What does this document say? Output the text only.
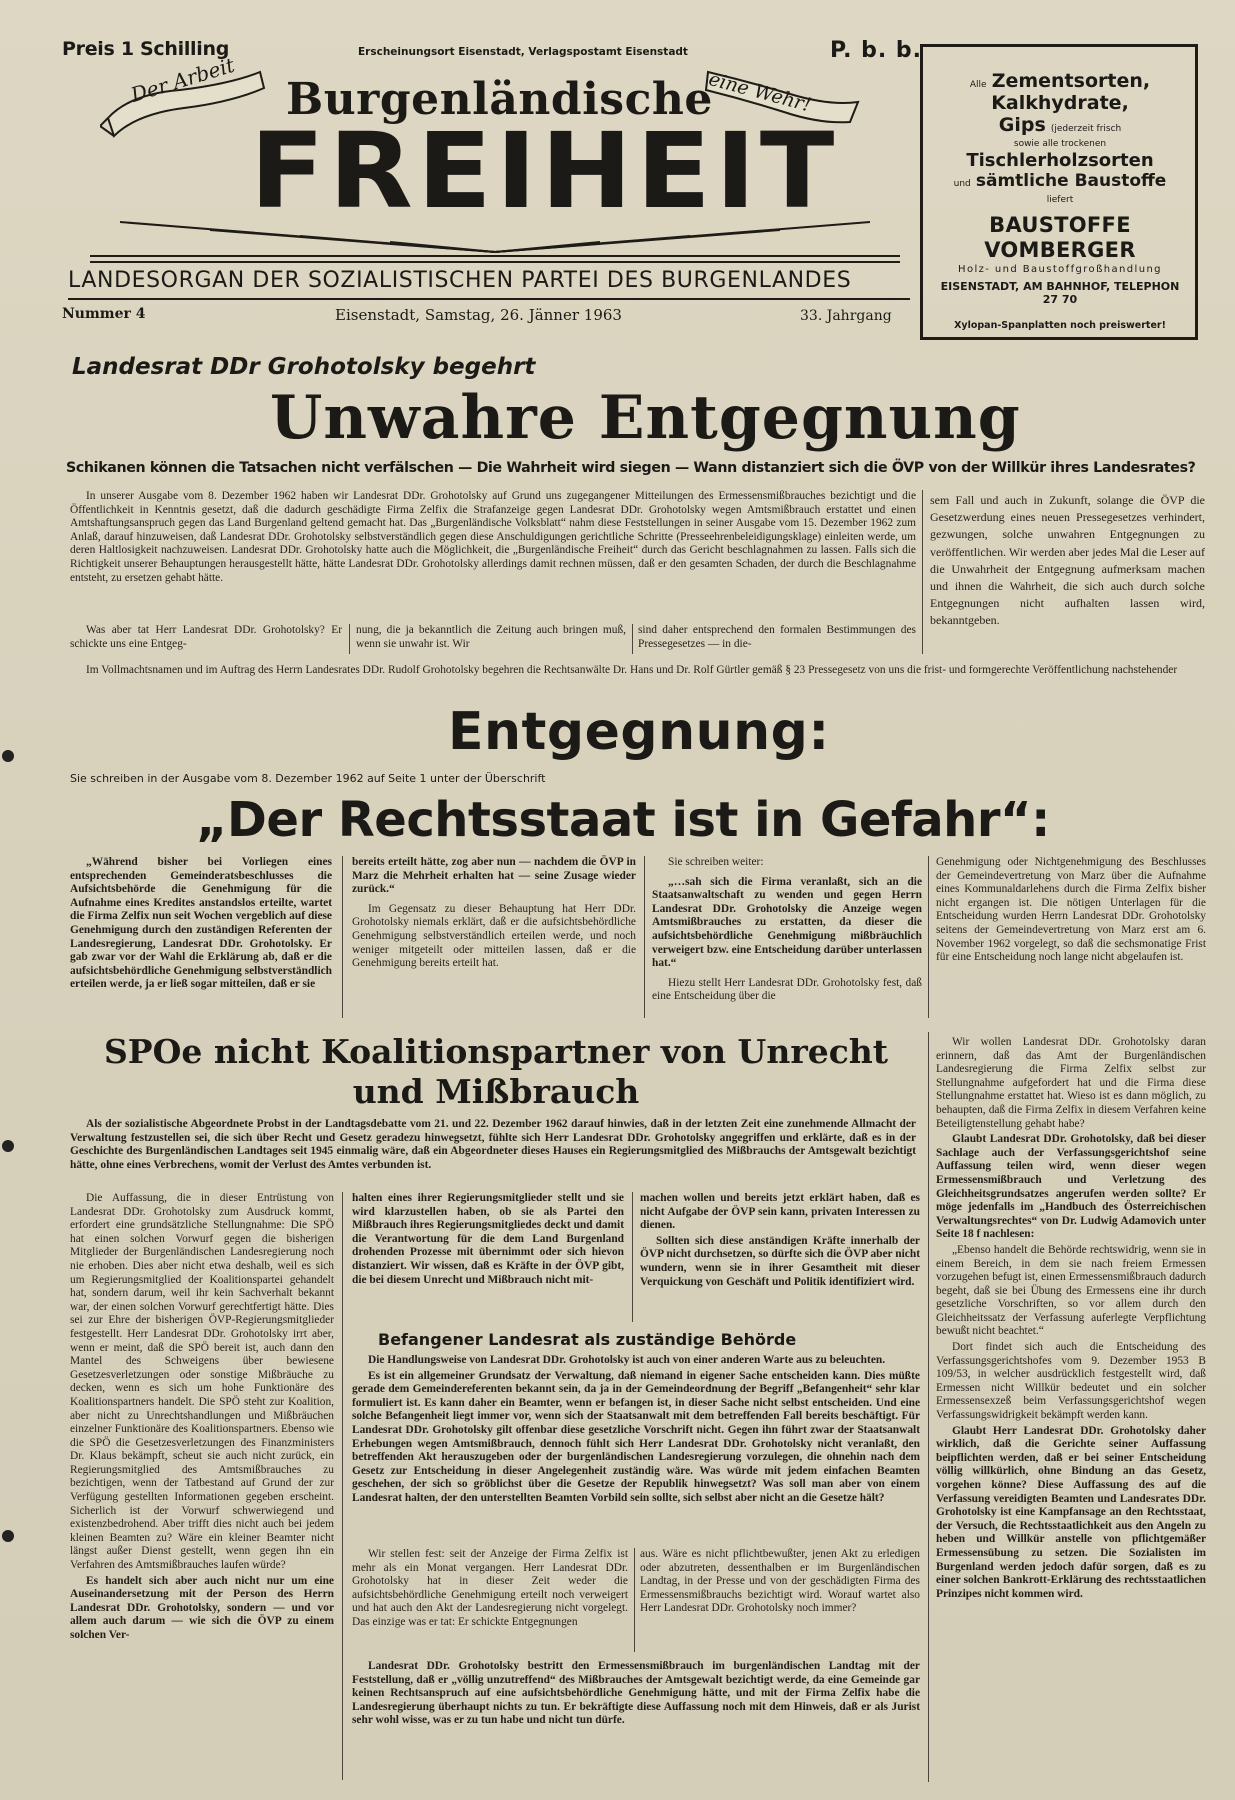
Preis 1 Schilling	Erscheinungsort Eisenstadt, Verlagspostamt Eisenstadt	P. b. b.
Der Arbeit	eine Wehr!
Burgenländische
FREIHEIT
LANDESORGAN DER SOZIALISTISCHEN PARTEI DES BURGENLANDES
Nummer 4	Eisenstadt, Samstag, 26. Jänner 1963	33. Jahrgang
Alle Zementsorten,
Kalkhydrate,
Gips (jederzeit frisch
sowie alle trockenen
Tischlerholzsorten
und sämtliche Baustoffe
liefert
BAUSTOFFE VOMBERGER
Holz- und Baustoffgroßhandlung
EISENSTADT, AM BAHNHOF, TELEPHON 27 70
Xylopan-Spanplatten noch preiswerter!
Landesrat DDr Grohotolsky begehrt
Unwahre Entgegnung
Schikanen können die Tatsachen nicht verfälschen — Die Wahrheit wird siegen — Wann distanziert sich die ÖVP von der Willkür ihres Landesrates?

In unserer Ausgabe vom 8. Dezember 1962 haben wir Landesrat DDr. Grohotolsky auf Grund uns zugegangener Mitteilungen des Ermessensmißbrauches bezichtigt und die Öffentlichkeit in Kenntnis gesetzt, daß die dadurch geschädigte Firma Zelfix die Strafanzeige gegen Landesrat DDr. Grohotolsky wegen Amtsmißbrauch erstattet und einen Amtshaftungsanspruch gegen das Land Burgenland geltend gemacht hat. Das „Burgenländische Volksblatt“ nahm diese Feststellungen in seiner Ausgabe vom 15. Dezember 1962 zum Anlaß, darauf hinzuweisen, daß Landesrat DDr. Grohotolsky selbstverständlich gegen diese Anschuldigungen gerichtliche Schritte (Presseehrenbeleidigungsklage) einleiten werde, um deren Haltlosigkeit nachzuweisen. Landesrat DDr. Grohotolsky hatte auch die Möglichkeit, die „Burgenländische Freiheit“ durch das Gericht beschlagnahmen zu lassen. Falls sich die Richtigkeit unserer Behauptungen herausgestellt hätte, hätte Landesrat DDr. Grohotolsky allerdings damit rechnen müssen, daß er den gesamten Schaden, der durch die Beschlagnahme entsteht, zu ersetzen gehabt hätte.

Was aber tat Herr Landesrat DDr. Grohotolsky? Er schickte uns eine Entgeg-

nung, die ja bekanntlich die Zeitung auch bringen muß, wenn sie unwahr ist. Wir

sind daher entsprechend den formalen Bestimmungen des Pressegesetzes — in die-

sem Fall und auch in Zukunft, solange die ÖVP die Gesetzwerdung eines neuen Pressegesetzes verhindert, gezwungen, solche unwahren Entgegnungen zu veröffentlichen. Wir werden aber jedes Mal die Leser auf die Unwahrheit der Entgegnung aufmerksam machen und ihnen die Wahrheit, die sich auch durch solche Entgegnungen nicht aufhalten lassen wird, bekanntgeben.

Im Vollmachtsnamen und im Auftrag des Herrn Landesrates DDr. Rudolf Grohotolsky begehren die Rechtsanwälte Dr. Hans und Dr. Rolf Gürtler gemäß § 23 Pressegesetz von uns die frist- und formgerechte Veröffentlichung nachstehender

Entgegnung:
Sie schreiben in der Ausgabe vom 8. Dezember 1962 auf Seite 1 unter der Überschrift
„Der Rechtsstaat ist in Gefahr“:

„Während bisher bei Vorliegen eines entsprechenden Gemeinderatsbeschlusses die Aufsichtsbehörde die Genehmigung für die Aufnahme eines Kredites anstandslos erteilte, wartet die Firma Zelfix nun seit Wochen vergeblich auf diese Genehmigung durch den zuständigen Referenten der Landesregierung, Landesrat DDr. Grohotolsky. Er gab zwar vor der Wahl die Erklärung ab, daß er die aufsichtsbehördliche Genehmigung selbstverständlich erteilen werde, ja er ließ sogar mitteilen, daß er sie

bereits erteilt hätte, zog aber nun — nachdem die ÖVP in Marz die Mehrheit erhalten hat — seine Zusage wieder zurück.“

Im Gegensatz zu dieser Behauptung hat Herr DDr. Grohotolsky niemals erklärt, daß er die aufsichtsbehördliche Genehmigung selbstverständlich erteilen werde, und noch weniger mitgeteilt oder mitteilen lassen, daß er die Genehmigung bereits erteilt hat.

Sie schreiben weiter:

„…sah sich die Firma veranlaßt, sich an die Staatsanwaltschaft zu wenden und gegen Herrn Landesrat DDr. Grohotolsky die Anzeige wegen Amtsmißbrauches zu erstatten, da dieser die aufsichtsbehördliche Genehmigung mißbräuchlich verweigert bzw. eine Entscheidung darüber unterlassen hat.“

Hiezu stellt Herr Landesrat DDr. Grohotolsky fest, daß eine Entscheidung über die

Genehmigung oder Nichtgenehmigung des Beschlusses der Gemeindevertretung von Marz über die Aufnahme eines Kommunaldarlehens durch die Firma Zelfix bisher nicht ergangen ist. Die nötigen Unterlagen für die Entscheidung wurden Herrn Landesrat DDr. Grohotolsky seitens der Gemeindevertretung von Marz erst am 6. November 1962 vorgelegt, so daß die sechsmonatige Frist für eine Entscheidung noch lange nicht abgelaufen ist.

SPOe nicht Koalitionspartner von Unrecht
und Mißbrauch

Als der sozialistische Abgeordnete Probst in der Landtagsdebatte vom 21. und 22. Dezember 1962 darauf hinwies, daß in der letzten Zeit eine zunehmende Allmacht der Verwaltung festzustellen sei, die sich über Recht und Gesetz geradezu hinwegsetzt, fühlte sich Herr Landesrat DDr. Grohotolsky angegriffen und erklärte, daß es in der Geschichte des Burgenländischen Landtages seit 1945 einmalig wäre, daß ein Abgeordneter dieses Hauses ein Regierungsmitglied des Mißbrauchs der Amtsgewalt bezichtigt hätte, ohne eines Verbrechens, womit der Verlust des Amtes verbunden ist.

Die Auffassung, die in dieser Entrüstung von Landesrat DDr. Grohotolsky zum Ausdruck kommt, erfordert eine grundsätzliche Stellungnahme: Die SPÖ hat einen solchen Vorwurf gegen die bisherigen Mitglieder der Burgenländischen Landesregierung noch nie erhoben. Dies aber nicht etwa deshalb, weil es sich um Regierungsmitglied der Koalitionspartei gehandelt hat, sondern darum, weil ihr kein Sachverhalt bekannt war, der einen solchen Vorwurf gerechtfertigt hätte. Dies sei zur Ehre der bisherigen ÖVP-Regierungsmitglieder festgestellt. Herr Landesrat DDr. Grohotolsky irrt aber, wenn er meint, daß die SPÖ bereit ist, auch dann den Mantel des Schweigens über bewiesene Gesetzesverletzungen oder sonstige Mißbräuche zu decken, wenn es sich um hohe Funktionäre des Koalitionspartners handelt. Die SPÖ steht zur Koalition, aber nicht zu Unrechtshandlungen und Mißbräuchen einzelner Funktionäre des Koalitionspartners. Ebenso wie die SPÖ die Gesetzesverletzungen des Finanzministers Dr. Klaus bekämpft, scheut sie auch nicht zurück, ein Regierungsmitglied des Amtsmißbrauches zu bezichtigen, wenn der Tatbestand auf Grund der zur Verfügung gestellten Informationen gegeben erscheint. Sicherlich ist der Vorwurf schwerwiegend und existenzbedrohend. Aber trifft dies nicht auch bei jedem kleinen Beamten zu? Wäre ein kleiner Beamter nicht längst außer Dienst gestellt, wenn gegen ihn ein Verfahren des Amtsmißbrauches laufen würde?

Es handelt sich aber auch nicht nur um eine Auseinandersetzung mit der Person des Herrn Landesrat DDr. Grohotolsky, sondern — und vor allem auch darum — wie sich die ÖVP zu einem solchen Ver-

halten eines ihrer Regierungsmitglieder stellt und sie wird klarzustellen haben, ob sie als Partei den Mißbrauch ihres Regierungsmitgliedes deckt und damit die Verantwortung für die dem Land Burgenland drohenden Prozesse mit übernimmt oder sich hievon distanziert. Wir wissen, daß es Kräfte in der ÖVP gibt, die bei diesem Unrecht und Mißbrauch nicht mit-

machen wollen und bereits jetzt erklärt haben, daß es nicht Aufgabe der ÖVP sein kann, privaten Interessen zu dienen.

Sollten sich diese anständigen Kräfte innerhalb der ÖVP nicht durchsetzen, so dürfte sich die ÖVP aber nicht wundern, wenn sie in ihrer Gesamtheit mit dieser Verquickung von Geschäft und Politik identifiziert wird.

Befangener Landesrat als zuständige Behörde

Die Handlungsweise von Landesrat DDr. Grohotolsky ist auch von einer anderen Warte aus zu beleuchten.

Es ist ein allgemeiner Grundsatz der Verwaltung, daß niemand in eigener Sache entscheiden kann. Dies müßte gerade dem Gemeindereferenten bekannt sein, da ja in der Gemeindeordnung der Begriff „Befangenheit“ sehr klar formuliert ist. Es kann daher ein Beamter, wenn er befangen ist, in dieser Sache nicht selbst entscheiden. Und eine solche Befangenheit liegt immer vor, wenn sich der Staatsanwalt mit dem betreffenden Fall bereits beschäftigt. Für Landesrat DDr. Grohotolsky gilt offenbar diese gesetzliche Vorschrift nicht. Gegen ihn führt zwar der Staatsanwalt Erhebungen wegen Amtsmißbrauch, dennoch fühlt sich Herr Landesrat DDr. Grohotolsky nicht veranlaßt, den betreffenden Akt herauszugeben oder der burgenländischen Landesregierung vorzulegen, die ohnehin nach dem Gesetz zur Entscheidung in dieser Angelegenheit zuständig wäre. Was würde mit jedem einfachen Beamten geschehen, der sich so gröblichst über die Gesetze der Republik hinwegsetzt? Was soll man aber von einem Landesrat halten, der den unterstellten Beamten Vorbild sein sollte, sich selbst aber nicht an die Gesetze hält?

Wir stellen fest: seit der Anzeige der Firma Zelfix ist mehr als ein Monat vergangen. Herr Landesrat DDr. Grohotolsky hat in dieser Zeit weder die aufsichtsbehördliche Genehmigung erteilt noch verweigert und hat auch den Akt der Landesregierung nicht vorgelegt. Das einzige was er tat: Er schickte Entgegnungen

aus. Wäre es nicht pflichtbewußter, jenen Akt zu erledigen oder abzutreten, dessenthalben er im Burgenländischen Landtag, in der Presse und von der geschädigten Firma des Ermessensmißbrauchs bezichtigt wird. Worauf wartet also Herr Landesrat DDr. Grohotolsky noch immer?

Landesrat DDr. Grohotolsky bestritt den Ermessensmißbrauch im burgenländischen Landtag mit der Feststellung, daß er „völlig unzutreffend“ des Mißbrauches der Amtsgewalt bezichtigt werde, da eine Gemeinde gar keinen Rechtsanspruch auf eine aufsichtsbehördliche Genehmigung hätte, und mit der Firma Zelfix habe die Landesregierung überhaupt nichts zu tun. Er bekräftigte diese Auffassung noch mit dem Hinweis, daß er als Jurist sehr wohl wisse, was er zu tun habe und nicht tun dürfe.

Wir wollen Landesrat DDr. Grohotolsky daran erinnern, daß das Amt der Burgenländischen Landesregierung die Firma Zelfix selbst zur Stellungnahme aufgefordert hat und die Firma diese Stellungnahme erstattet hat. Wieso ist es dann möglich, zu behaupten, daß die Firma Zelfix in diesem Verfahren keine Beteiligtenstellung gehabt habe?

Glaubt Landesrat DDr. Grohotolsky, daß bei dieser Sachlage auch der Verfassungsgerichtshof seine Auffassung teilen wird, wenn dieser wegen Ermessensmißbrauch und Verletzung des Gleichheitsgrundsatzes angerufen werden sollte? Er möge jedenfalls im „Handbuch des Österreichischen Verwaltungsrechtes“ von Dr. Ludwig Adamovich unter Seite 18 f nachlesen:

„Ebenso handelt die Behörde rechtswidrig, wenn sie in einem Bereich, in dem sie nach freiem Ermessen vorzugehen befugt ist, einen Ermessensmißbrauch dadurch begeht, daß sie bei Übung des Ermessens eine ihr durch gesetzliche Vorschriften, so vor allem durch den Gleichheitssatz der Verfassung auferlegte Verpflichtung bewußt nicht beachtet.“

Dort findet sich auch die Entscheidung des Verfassungsgerichtshofes vom 9. Dezember 1953 B 109/53, in welcher ausdrücklich festgestellt wird, daß Ermessen nicht Willkür bedeutet und ein solcher Ermessensexzeß beim Verfassungsgerichtshof wegen Verfassungswidrigkeit bekämpft werden kann.

Glaubt Herr Landesrat DDr. Grohotolsky daher wirklich, daß die Gerichte seiner Auffassung beipflichten werden, daß er bei seiner Entscheidung völlig willkürlich, ohne Bindung an das Gesetz, vorgehen könne? Diese Auffassung des auf die Verfassung vereidigten Beamten und Landesrates DDr. Grohotolsky ist eine Kampfansage an den Rechtsstaat, der Versuch, die Rechtsstaatlichkeit aus den Angeln zu heben und Willkür anstelle von pflichtgemäßer Ermessensübung zu setzen. Die Sozialisten im Burgenland werden jedoch dafür sorgen, daß es zu einer solchen Bankrott-Erklärung des rechtsstaatlichen Prinzipes nicht kommen wird.
